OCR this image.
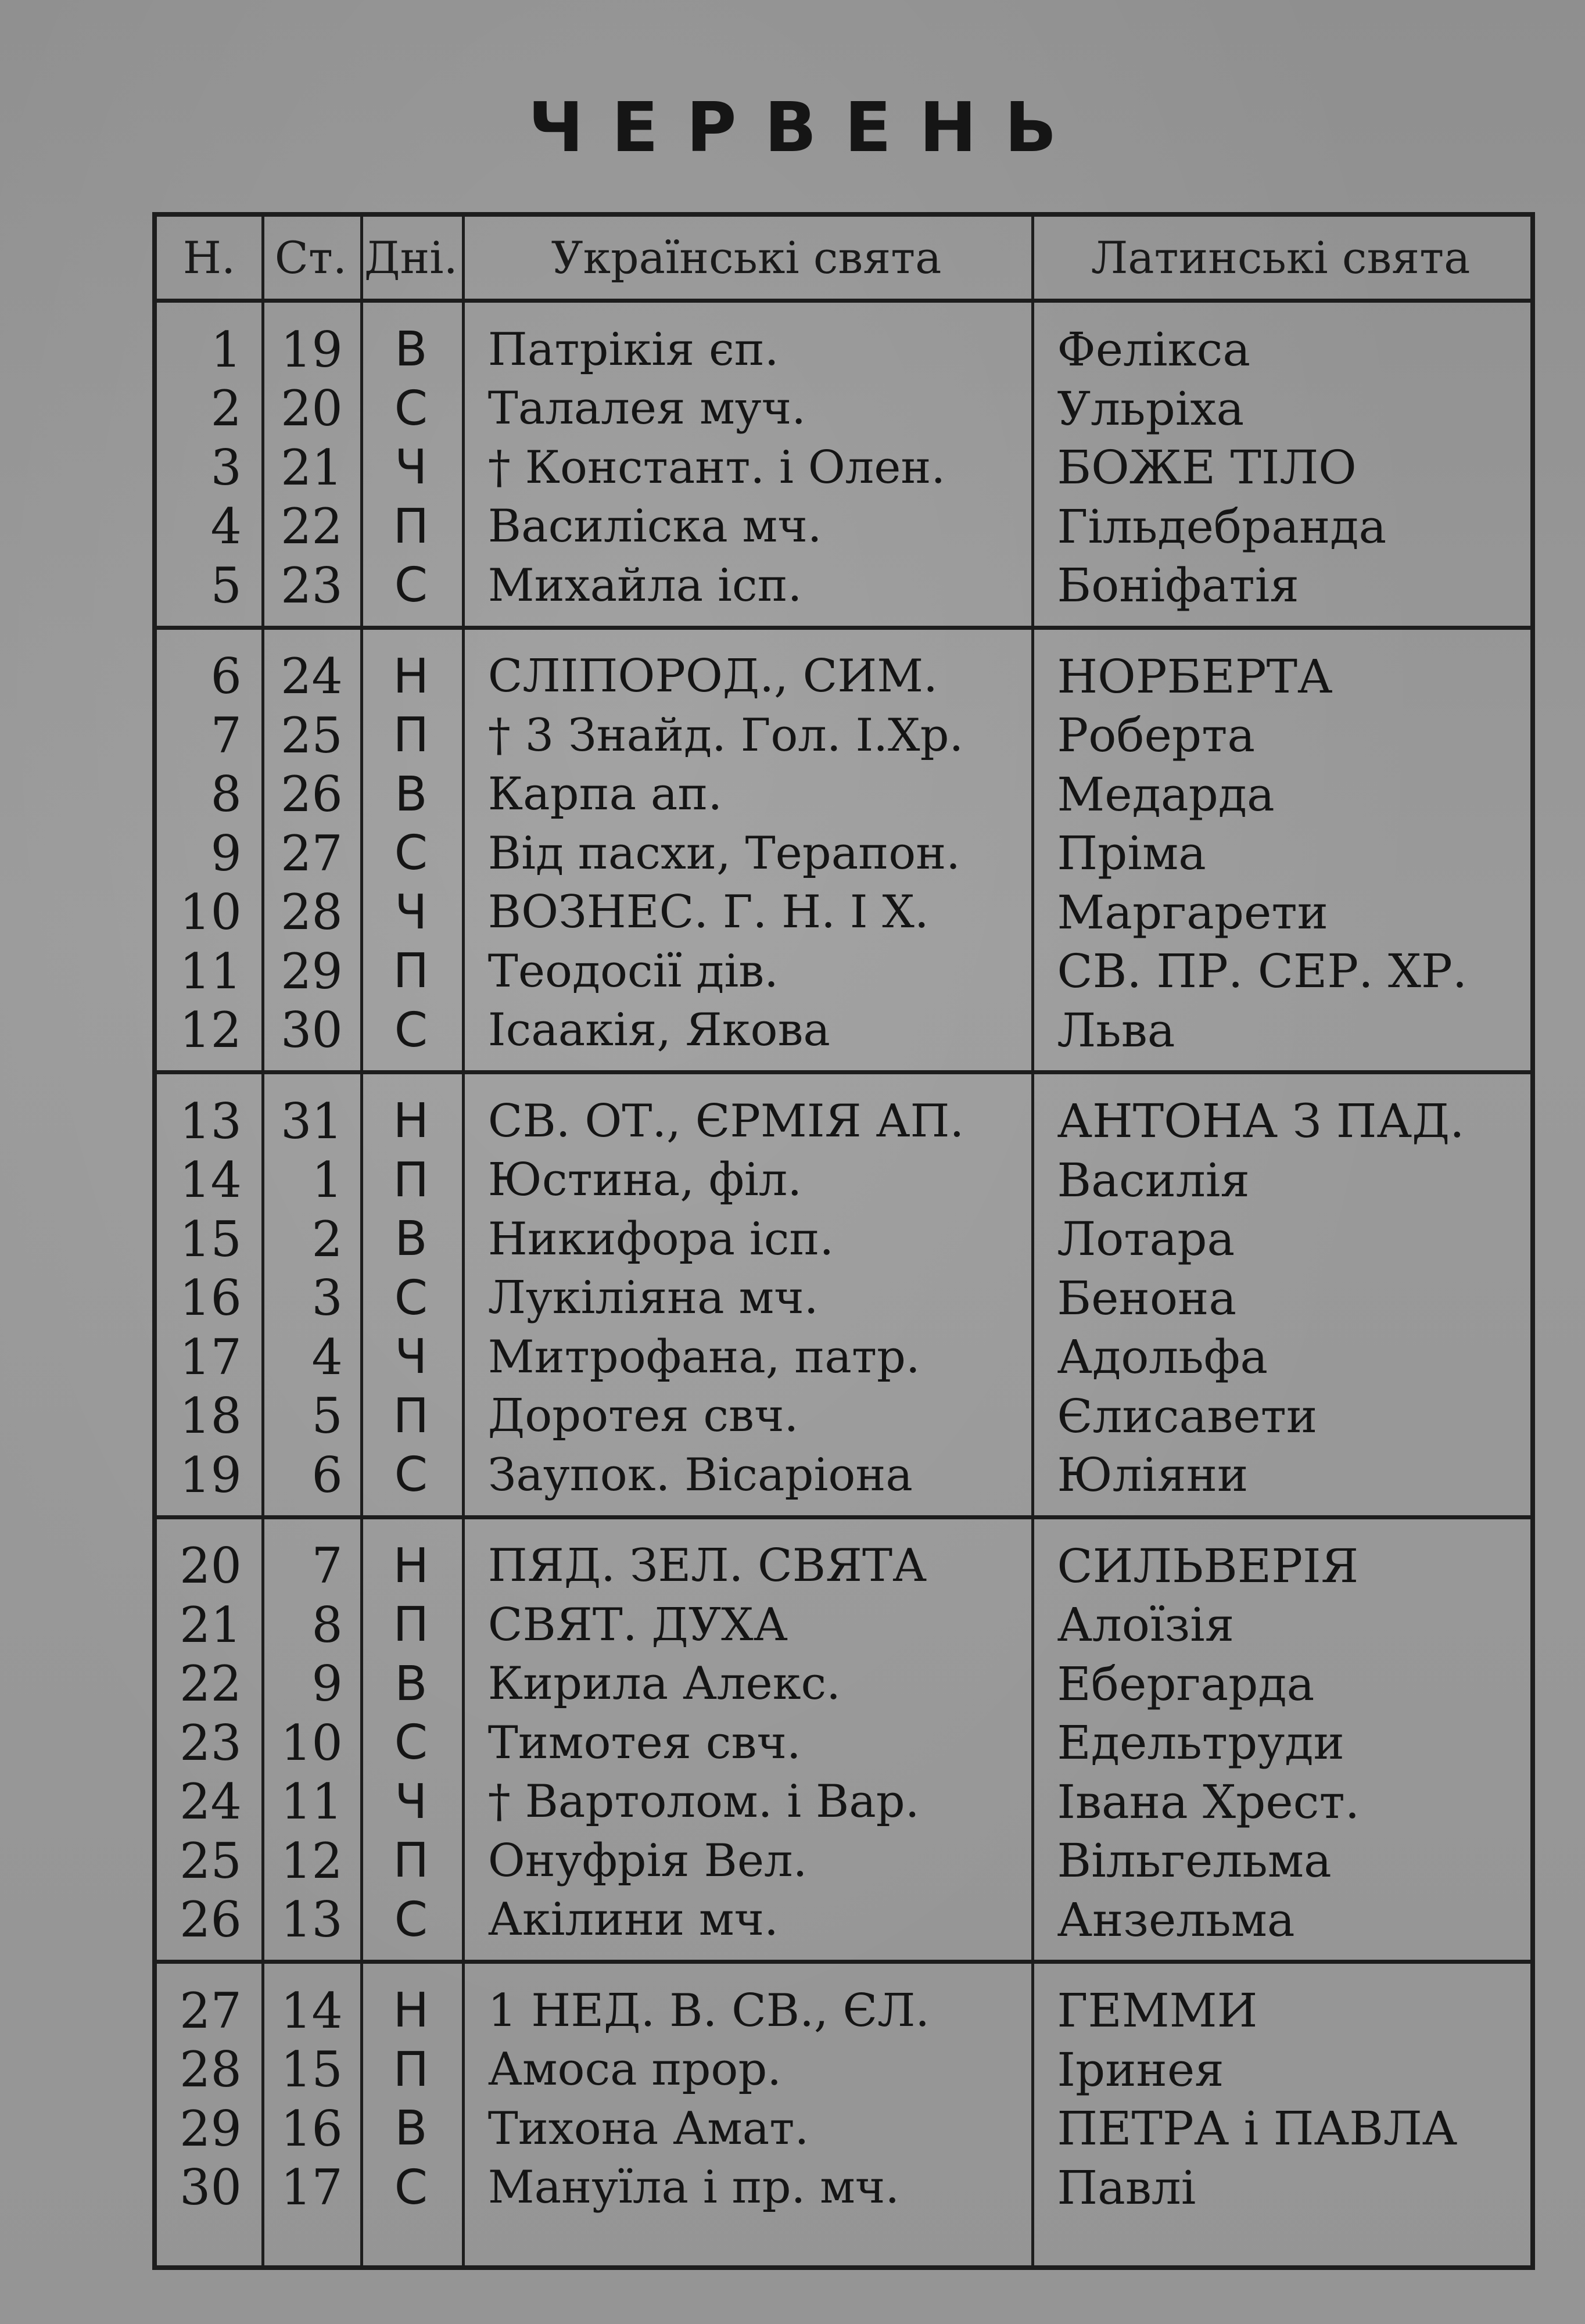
ЧЕРВЕНЬ
Н. Ст. Дні.	Українські свята	Латинські свята
1 19	В	Патрікія єп.	Фелікса
2 20	С	Талалея муч.	Ульріха
3 21	Ч	† Констант. і Олен.	БОЖЕ ТІЛО
4 22	П	Василіска мч.	Гільдебранда
5 23	С	Михайла ісп.	Боніфатія
6 24	Н	СЛІПОРОД., СИМ.	НОРБЕРТА
7 25	П	† 3 Знайд. Гол. І.Хр.	Роберта
8 26	В	Карпа ап.	Медарда
9 27	С	Від пасхи, Терапон.	Пріма
10 28	Ч	ВОЗНЕС. Г. Н. І Х.	Маргарети
11 29	П	Теодосії дів.	СВ. ПР. СЕР. ХР.
12 30	С	Ісаакія, Якова	Льва
13 31	Н	СВ. ОТ., ЄРМІЯ АП.	АНТОНА З ПАД.
14	1	П	Юстина, філ.	Василія
15	2	В	Никифора ісп.	Лотара
16	3	С	Лукіліяна мч.	Бенона
17	4	Ч	Митрофана, патр.	Адольфа
18	5	П	Доротея свч.	Єлисавети
19	6	С	Заупок. Вісаріона	Юліяни
20	7	Н	ПЯД. ЗЕЛ. СВЯТА	СИЛЬВЕРІЯ
21	8	П	СВЯТ. ДУХА	Алоїзія
22	9	В	Кирила Алекс.	Ебергарда
23 10	С	Тимотея свч.	Едельтруди
24 11	Ч	† Вартолом. і Вар.	Івана Хрест.
25 12	П	Онуфрія Вел.	Вільгельма
26 13	С	Акілини мч.	Анзельма
27 14	Н	1 НЕД. В. СВ., ЄЛ.	ГЕММИ
28 15	П	Амоса прор.	Іринея
29 16	В	Тихона Амат.	ПЕТРА і ПАВЛА
30 17	С	Мануїла і пр. мч.	Павлі
